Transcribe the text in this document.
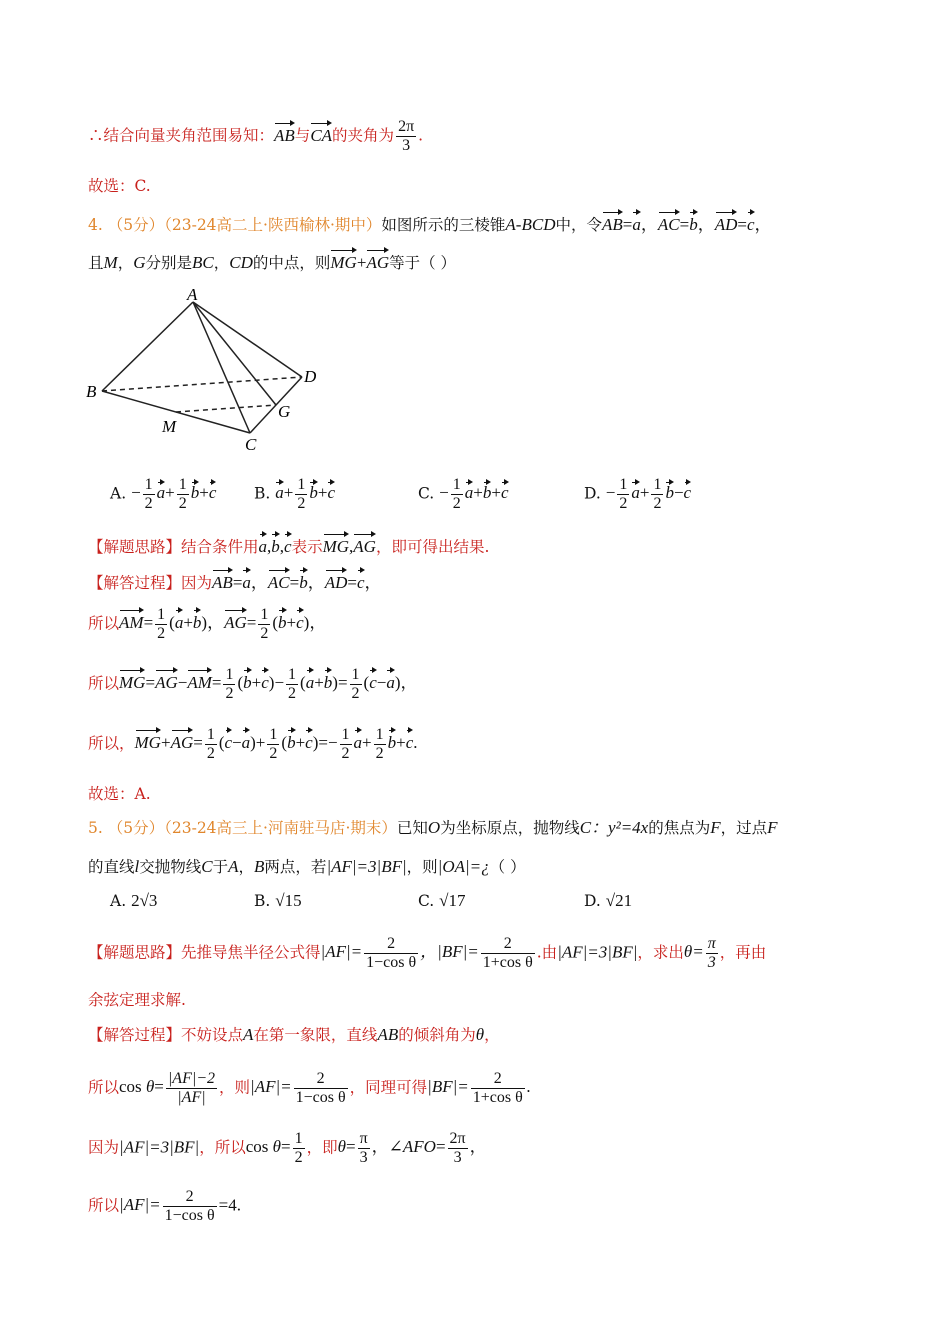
∴结合向量夹角范围易知：AB与CA的夹角为 $\frac{2\pi}{3}$ .
故选：C.
4. （5分）（23-24高二上·陕西榆林·期中）如图所示的三棱锥A-BCD中，令AB=a，AC=b，AD=c，
且M，G分别是BC，CD的中点，则MG+AG等于（ ）
A
B
C
D
M
G
A. − $\frac{1}{2} a+ \frac{1}{2} b+c$ B. $a+ \frac{1}{2} b+c$	C. − $\frac{1}{2} a+b+c$	D. − $\frac{1}{2} a+ \frac{1}{2} b-c$
【解题思路】结合条件用a,b,c表示MG,AG，即可得出结果.
【解答过程】因为AB=a，AC=b，AD=c，
所以$AM= \frac{1}{2} (a+b)$，$AG= \frac{1}{2} (b+c)$，
所以$MG=AG-AM= \frac{1}{2} (b+c)- \frac{1}{2} (a+b)= \frac{1}{2} (c-a)$，
所以，$MG+AG= \frac{1}{2} (c-a)+ \frac{1}{2} (b+c)=- \frac{1}{2} a+ \frac{1}{2} b+c$.
故选：A.
5. （5分）（23-24高三上·河南驻马店·期末）已知O为坐标原点，抛物线C：y²=4x的焦点为F，过点F
的直线l交抛物线C于A，B两点，若|AF|=3|BF|，则|OA|=¿（ ）
A. 2√3	B. √15	C. √17	D. √21
【解题思路】先推导焦半径公式得$|AF|= \frac{2}{\text{1−cos θ}}$ ，$|BF|= \frac{2}{\text{1+cos θ}}$ .由|AF|=3|BF|，求出$\theta= \frac{\pi}{3}$ ，再由
余弦定理求解.
【解答过程】不妨设点A在第一象限，直线AB的倾斜角为θ，
所以$\cos \theta= \frac{|AF|-2}{|AF|}$ ，则$|AF|= \frac{2}{\text{1−cos θ}}$ ，同理可得$|BF|= \frac{2}{\text{1+cos θ}}$ .
因为|AF|=3|BF|，所以$\cos \theta= \frac{1}{2}$ ，即$\theta= \frac{\pi}{3}$ ，∠AFO= $\frac{2\pi}{3}$ ，
所以$|AF|= \frac{2}{\text{1−cos θ}} =4$.
